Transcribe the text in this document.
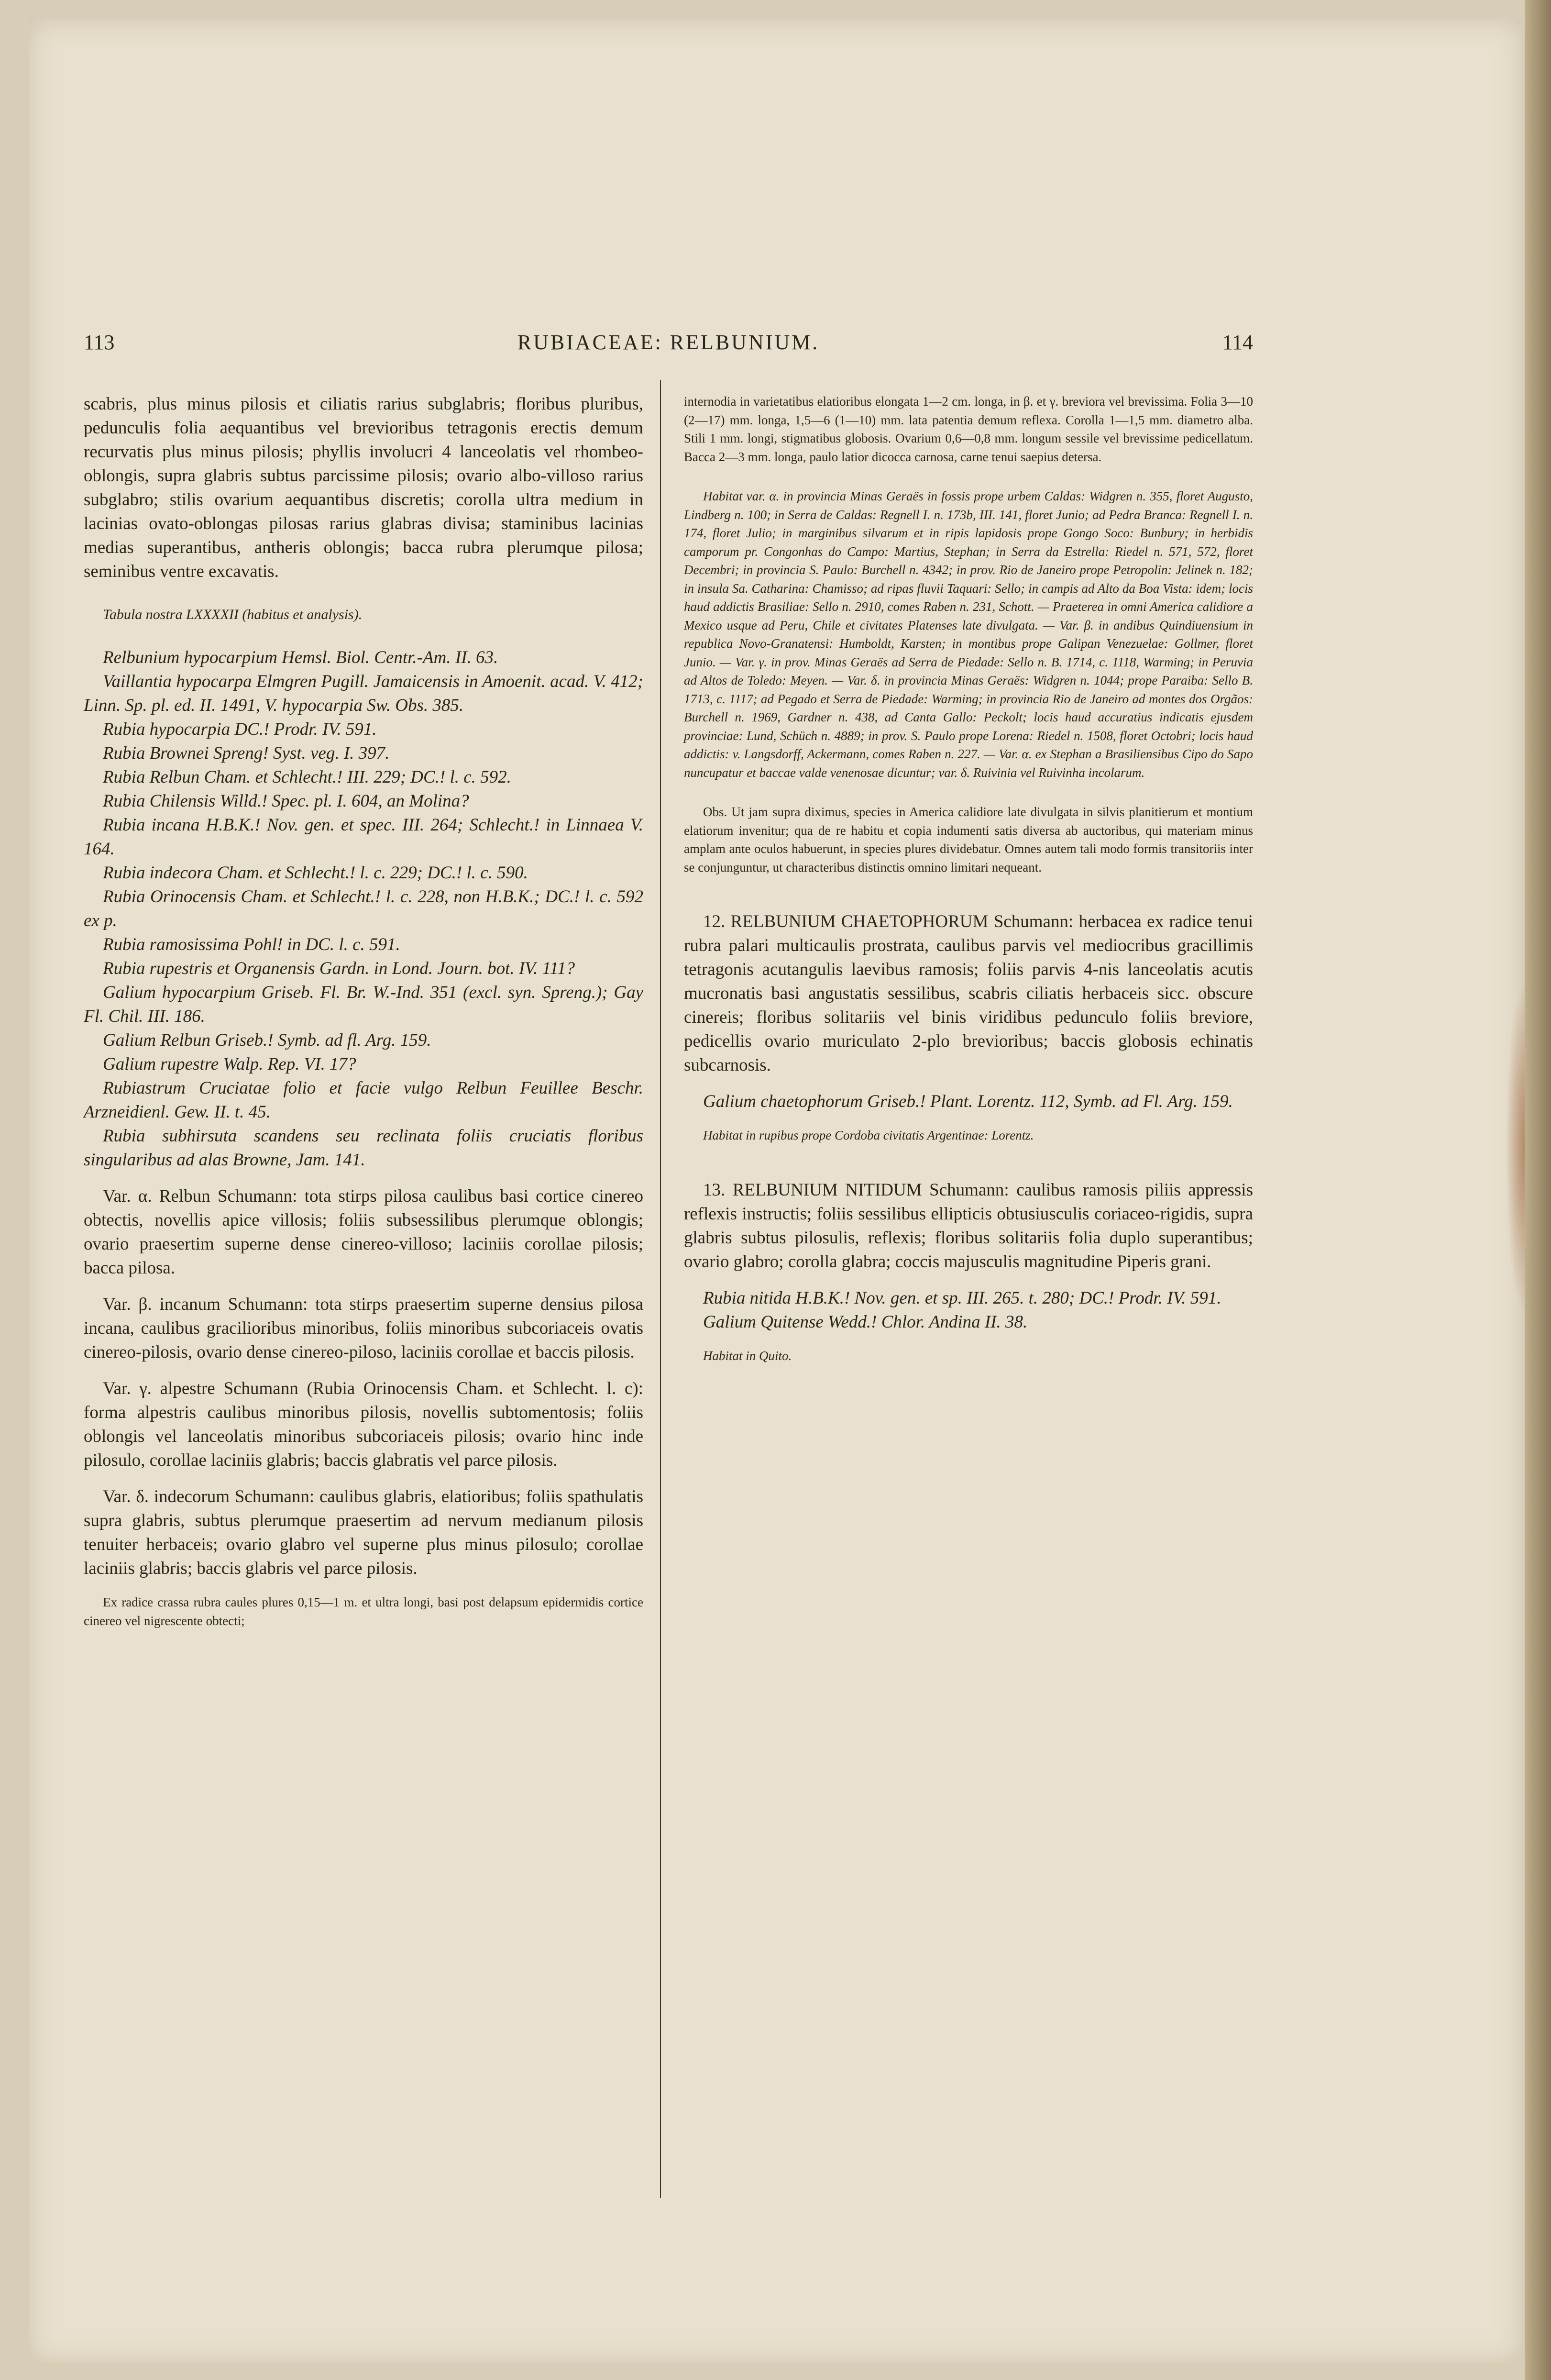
113	RUBIACEAE: RELBUNIUM.	114

scabris, plus minus pilosis et ciliatis rarius subglabris; floribus pluribus, pedunculis folia aequantibus vel brevioribus tetragonis erectis demum recurvatis plus minus pilosis; phyllis involucri 4 lanceolatis vel rhombeo-oblongis, supra glabris subtus parcissime pilosis; ovario albo-villoso rarius subglabro; stilis ovarium aequantibus discretis; corolla ultra medium in lacinias ovato-oblongas pilosas rarius glabras divisa; staminibus lacinias medias superantibus, antheris oblongis; bacca rubra plerumque pilosa; seminibus ventre excavatis.

Tabula nostra LXXXXII (habitus et analysis).

Relbunium hypocarpium Hemsl. Biol. Centr.-Am. II. 63.

Vaillantia hypocarpa Elmgren Pugill. Jamaicensis in Amoenit. acad. V. 412; Linn. Sp. pl. ed. II. 1491, V. hypocarpia Sw. Obs. 385.

Rubia hypocarpia DC.! Prodr. IV. 591.

Rubia Brownei Spreng! Syst. veg. I. 397.

Rubia Relbun Cham. et Schlecht.! III. 229; DC.! l. c. 592.

Rubia Chilensis Willd.! Spec. pl. I. 604, an Molina?

Rubia incana H.B.K.! Nov. gen. et spec. III. 264; Schlecht.! in Linnaea V. 164.

Rubia indecora Cham. et Schlecht.! l. c. 229; DC.! l. c. 590.

Rubia Orinocensis Cham. et Schlecht.! l. c. 228, non H.B.K.; DC.! l. c. 592 ex p.

Rubia ramosissima Pohl! in DC. l. c. 591.

Rubia rupestris et Organensis Gardn. in Lond. Journ. bot. IV. 111?

Galium hypocarpium Griseb. Fl. Br. W.-Ind. 351 (excl. syn. Spreng.); Gay Fl. Chil. III. 186.

Galium Relbun Griseb.! Symb. ad fl. Arg. 159.

Galium rupestre Walp. Rep. VI. 17?

Rubiastrum Cruciatae folio et facie vulgo Relbun Feuillee Beschr. Arzneidienl. Gew. II. t. 45.

Rubia subhirsuta scandens seu reclinata foliis cruciatis floribus singularibus ad alas Browne, Jam. 141.

Var. α. Relbun Schumann: tota stirps pilosa caulibus basi cortice cinereo obtectis, novellis apice villosis; foliis subsessilibus plerumque oblongis; ovario praesertim superne dense cinereo-villoso; laciniis corollae pilosis; bacca pilosa.

Var. β. incanum Schumann: tota stirps praesertim superne densius pilosa incana, caulibus gracilioribus minoribus, foliis minoribus subcoriaceis ovatis cinereo-pilosis, ovario dense cinereo-piloso, laciniis corollae et baccis pilosis.

Var. γ. alpestre Schumann (Rubia Orinocensis Cham. et Schlecht. l. c): forma alpestris caulibus minoribus pilosis, novellis subtomentosis; foliis oblongis vel lanceolatis minoribus subcoriaceis pilosis; ovario hinc inde pilosulo, corollae laciniis glabris; baccis glabratis vel parce pilosis.

Var. δ. indecorum Schumann: caulibus glabris, elatioribus; foliis spathulatis supra glabris, subtus plerumque praesertim ad nervum medianum pilosis tenuiter herbaceis; ovario glabro vel superne plus minus pilosulo; corollae laciniis glabris; baccis glabris vel parce pilosis.

Ex radice crassa rubra caules plures 0,15—1 m. et ultra longi, basi post delapsum epidermidis cortice cinereo vel nigrescente obtecti;

internodia in varietatibus elatioribus elongata 1—2 cm. longa, in β. et γ. breviora vel brevissima. Folia 3—10 (2—17) mm. longa, 1,5—6 (1—10) mm. lata patentia demum reflexa. Corolla 1—1,5 mm. diametro alba. Stili 1 mm. longi, stigmatibus globosis. Ovarium 0,6—0,8 mm. longum sessile vel brevissime pedicellatum. Bacca 2—3 mm. longa, paulo latior dicocca carnosa, carne tenui saepius detersa.

Habitat var. α. in provincia Minas Geraës in fossis prope urbem Caldas: Widgren n. 355, floret Augusto, Lindberg n. 100; in Serra de Caldas: Regnell I. n. 173b, III. 141, floret Junio; ad Pedra Branca: Regnell I. n. 174, floret Julio; in marginibus silvarum et in ripis lapidosis prope Gongo Soco: Bunbury; in herbidis camporum pr. Congonhas do Campo: Martius, Stephan; in Serra da Estrella: Riedel n. 571, 572, floret Decembri; in provincia S. Paulo: Burchell n. 4342; in prov. Rio de Janeiro prope Petropolin: Jelinek n. 182; in insula Sa. Catharina: Chamisso; ad ripas fluvii Taquari: Sello; in campis ad Alto da Boa Vista: idem; locis haud addictis Brasiliae: Sello n. 2910, comes Raben n. 231, Schott. — Praeterea in omni America calidiore a Mexico usque ad Peru, Chile et civitates Platenses late divulgata. — Var. β. in andibus Quindiuensium in republica Novo-Granatensi: Humboldt, Karsten; in montibus prope Galipan Venezuelae: Gollmer, floret Junio. — Var. γ. in prov. Minas Geraës ad Serra de Piedade: Sello n. B. 1714, c. 1118, Warming; in Peruvia ad Altos de Toledo: Meyen. — Var. δ. in provincia Minas Geraës: Widgren n. 1044; prope Paraiba: Sello B. 1713, c. 1117; ad Pegado et Serra de Piedade: Warming; in provincia Rio de Janeiro ad montes dos Orgãos: Burchell n. 1969, Gardner n. 438, ad Canta Gallo: Peckolt; locis haud accuratius indicatis ejusdem provinciae: Lund, Schüch n. 4889; in prov. S. Paulo prope Lorena: Riedel n. 1508, floret Octobri; locis haud addictis: v. Langsdorff, Ackermann, comes Raben n. 227. — Var. α. ex Stephan a Brasiliensibus Cipo do Sapo nuncupatur et baccae valde venenosae dicuntur; var. δ. Ruivinia vel Ruivinha incolarum.

Obs. Ut jam supra diximus, species in America calidiore late divulgata in silvis planitierum et montium elatiorum invenitur; qua de re habitu et copia indumenti satis diversa ab auctoribus, qui materiam minus amplam ante oculos habuerunt, in species plures dividebatur. Omnes autem tali modo formis transitoriis inter se conjunguntur, ut characteribus distinctis omnino limitari nequeant.

12. RELBUNIUM CHAETOPHORUM Schumann: herbacea ex radice tenui rubra palari multicaulis prostrata, caulibus parvis vel mediocribus gracillimis tetragonis acutangulis laevibus ramosis; foliis parvis 4-nis lanceolatis acutis mucronatis basi angustatis sessilibus, scabris ciliatis herbaceis sicc. obscure cinereis; floribus solitariis vel binis viridibus pedunculo foliis breviore, pedicellis ovario muriculato 2-plo brevioribus; baccis globosis echinatis subcarnosis.

Galium chaetophorum Griseb.! Plant. Lorentz. 112, Symb. ad Fl. Arg. 159.

Habitat in rupibus prope Cordoba civitatis Argentinae: Lorentz.

13. RELBUNIUM NITIDUM Schumann: caulibus ramosis piliis appressis reflexis instructis; foliis sessilibus ellipticis obtusiusculis coriaceo-rigidis, supra glabris subtus pilosulis, reflexis; floribus solitariis folia duplo superantibus; ovario glabro; corolla glabra; coccis majusculis magnitudine Piperis grani.

Rubia nitida H.B.K.! Nov. gen. et sp. III. 265. t. 280; DC.! Prodr. IV. 591.

Galium Quitense Wedd.! Chlor. Andina II. 38.

Habitat in Quito.
